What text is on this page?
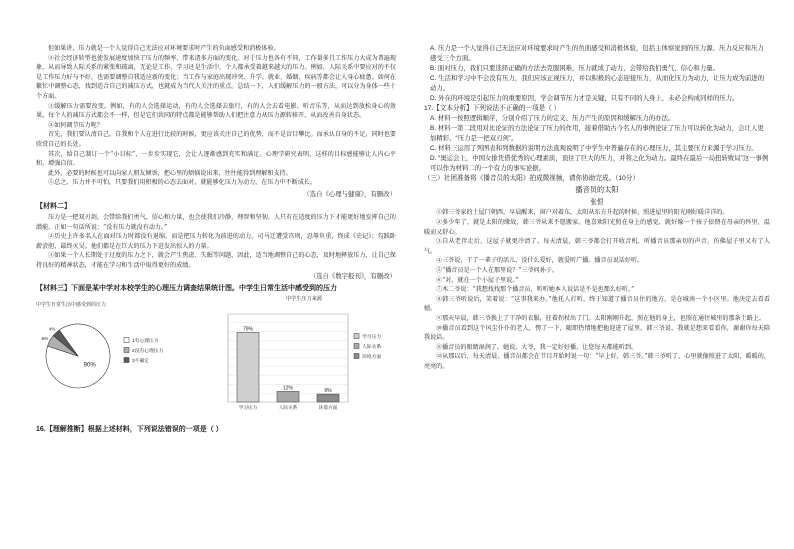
但如果讲，压力就是一个人觉得自己无法应对环境要求时产生的负面感受和消极体验。

②社会经济转型也使发展速度加快了压力的频率，带来诸多方面的变化。对于压力也各有不同，工作量多且工作压力大成为普遍现象，从而导致人际关系的紧张和疏离，无论是工作、学习还是生活中，个人都承受着越来越大的压力。例如，人际关系中要应对的不仅是工作压力好与不好，也需要调整自我适应新的变化；当工作与家庭出现冲突、升学、就业、婚姻、疾病等都会让人身心疲惫。如何在繁忙中调整心态，找到适合自己的减压方式，也就成为当代人关注的重点。总结一下，人们缓解压力的一般方法，可以分为身体一些十个方面。

③缓解压力需要改变。例如，有的人会选择运动，有的人会选择去旅行，有的人会去看电影、听音乐等，从而达到放松身心的效果。每个人的减压方式都会不一样，但是它们共同的特点都是能够帮助人们把注意力从压力源转移开，从而改善自身状态。

④如何调节压力呢？

首先，我们要认清自己。自我和个人在进行比较的时候，更应该关注自己的优势，而不是盲目攀比。而承认自身的不足，同时也要欣赏自己的长处。

其次，给自己制订一个“小目标”，一步步实现它，会让人逐渐感到充实和满足。心理学研究表明，这样的目标感能够让人内心平和，增强自信。

此外，必要的时候也可以向家人朋友倾诉，把心里的烦恼说出来，往往能得到理解和支持。

⑤总之，压力并不可怕，只要我们用积极的心态去面对，就能够化压力为动力，在压力中不断成长。

（选自《心理与健康》，有删改）

【材料二】

压力是一把双刃剑，会带给我们勇气、信心和力量，也会使我们冷静、理智和坚韧。人只有在适度的压力下才能更好地发挥自己的潜能，正如一句话所说：“没有压力就没有动力。”

②历史上许多名人在面对压力时都没有退缩，而是把压力转化为前进的动力。司马迁遭受宫刑，忍辱负重，终成《史记》；勾践卧薪尝胆，最终灭吴。他们都是在巨大的压力下迸发出惊人的力量。

③如果一个人长期处于过度的压力之下，就会产生焦虑、失眠等问题，因此，适当地调整自己的心态，及时地释放压力，让自己保持良好的精神状态，才能在学习和生活中取得更好的成绩。

（选自《数字报刊》，有删改）

【材料三】下面是某中学对本校学生的心理压力调查结果统计图。中学生日常生活中感受到的压力

中学生日常生活中感受到的压力
90%
6%
4%
1有心理压力
2没有心理压力
3不确定
中学生压力来源
79%
学习压力
12%
人际关系
9%
环境方面
学习压力
人际关系
环境方面

16.【理解推断】根据上述材料，下列说法错误的一项是（ ）

A. 压力是一个人觉得自己无法应对环境要求时产生的负面感受和消极体验，包括主体察觉到的压力源、压力反应和压力感受三个方面。

B. 面对压力，我们只要选择正确的方法去克服困难，压力就成了动力，会带给我们勇气、信心和力量。

C. 生活和学习中不会没有压力，我们应该正视压力，并以积极的心态迎接压力，从而化压力为动力，让压力成为前进的动力。

D. 外在的环境是引起压力的重要原因，学会调节压力才是关键，只有不同的人身上，未必会构成同样的压力。

17.【文本分析】下列说法不正确的一项是（ ）

A. 材料一按照逻辑顺序，分别介绍了压力的定义、压力产生的原因和缓解压力的办法。

B. 材料一第二段用对比论证的方法论证了压力的作用，接着借助古今名人的事例论证了压力可以转化为动力，会让人更加精彩，“压力是一把双刃剑”。

C. 材料三运用了列图表和列数据的说明方法直观说明了中学生中普遍存在的心理压力，其主要压力来源于学习压力。

D. “奥运会上，中国女排凭借优秀的心理素质，顶住了巨大的压力，并将之化为动力。最终在最后一局扭转败局”这一事例可以作为材料二的一个有力的事实论据。

（三）社团准备将《播音员的太阳》拍成微视频，请你协助完成。（10分）

播音员的太阳

张恨

①韩三爷家的土屋门朝西，早晨醒来，窗户对着东，太阳从东方升起的时候，照进屋里的阳光刚好暖洋洋的。

②多少年了，就是太阳的缘故，韩三爷从来不愿搬家。他喜欢阳光照在身上的感觉，就好像一个孩子依偎在母亲的怀里，温暖而又舒心。

③自从老伴走后，这屋子就更冷清了。每天清晨，韩三爷都会打开收音机，听播音员那亲切的声音，仿佛屋子里又有了人气。

④三爷说，干了一辈子的活儿，没什么爱好，就爱听广播。播音员说话好听。

⑤“播音员是一个人在那里说？”三爷问孙子。

⑥“对，就在一个小屋子里说。”

⑦木二爷说：“我想找找那个播音员，听听她本人说话是不是也那么好听。”

⑧韩三爷听说后，笑着说：“这事我来办。”他托人打听，终于知道了播音员住的地方，是在城南一个小区里。他决定去看看她。

⑨那天早晨，韩三爷换上了干净的衣服，拄着拐杖出了门。太阳刚刚升起，照在他的身上，也照在通往城里的那条土路上。

⑩播音员看到这个风尘仆仆的老人，愣了一下，随即热情地把他迎进了屋里。韩三爷说，我就是想来看看你，谢谢你每天陪我说话。

⑪播音员的眼睛湿润了。她说，大爷，我一定好好播，让您每天都能听到。

⑫从那以后，每天清晨，播音员都会在节目开始时说一句：“早上好，韩三爷。”韩三爷听了，心里就像照进了太阳，暖暖的，亮亮的。
